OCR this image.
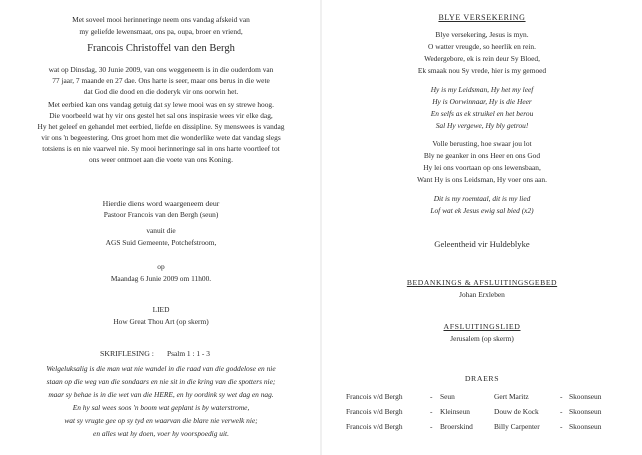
Met soveel mooi herinneringe neem ons vandag afskeid van
my geliefde lewensmaat, ons pa, oupa, broer en vriend,
Francois Christoffel van den Bergh
wat op Dinsdag, 30 Junie 2009, van ons weggeneem is in die ouderdom van
77 jaar, 7 maande en 27 dae. Ons harte is seer, maar ons berus in die wete
dat God die dood en die doderyk vir ons oorwin het.
Met eerbied kan ons vandag getuig dat sy lewe mooi was en sy strewe hoog.
Die voorbeeld wat hy vir ons gestel het sal ons inspirasie wees vir elke dag,
Hy het geleef en gehandel met eerbied, liefde en dissipline. Sy menswees is vandag
vir ons 'n begeestering. Ons groet hom met die wonderlike wete dat vandag slegs
totsiens is en nie vaarwel nie. Sy mooi herinneringe sal in ons harte voortleef tot
ons weer ontmoet aan die voete van ons Koning.
Hierdie diens word waargeneem deur
Pastoor Francois van den Bergh (seun)
vanuit die
AGS Suid Gemeente, Potchefstroom,
op
Maandag 6 Junie 2009 om 11h00.
LIED
How Great Thou Art (op skerm)
SKRIFLESING : Psalm 1 : 1 - 3
Welgeluksalig is die man wat nie wandel in die raad van die goddelose en nie
staan op die weg van die sondaars en nie sit in die kring van die spotters nie;
maar sy behae is in die wet van die HERE, en hy oordink sy wet dag en nag.
En hy sal wees soos 'n boom wat geplant is by waterstrome,
wat sy vrugte gee op sy tyd en waarvan die blare nie verwelk nie;
en alles wat hy doen, voer hy voorspoedig uit.
BLYE VERSEKERING
Blye versekering, Jesus is myn.
O watter vreugde, so heerlik en rein.
Wedergebore, ek is rein deur Sy Bloed,
Ek smaak nou Sy vrede, hier is my gemoed
Hy is my Leidsman, Hy het my leef
Hy is Oorwinnaar, Hy is die Heer
En selfs as ek struikel en het berou
Sal Hy vergewe, Hy bly getrou!
Volle berusting, hoe swaar jou lot
Bly ne geanker in ons Heer en ons God
Hy lei ons voortaan op ons lewensbaan,
Want Hy is ons Leidsman, Hy voer ons aan.
Dit is my roemtaal, dit is my lied
Lof wat ek Jesus ewig sal bied (x2)
Geleentheid vir Huldeblyke
BEDANKINGS & AFSLUITINGSGEBED
Johan Erxleben
AFSLUITINGSLIED
Jerusalem (op skerm)
DRAERS
Francois v/d Bergh	- Seun	Gert Maritz	- Skoonseun
Francois v/d Bergh	- Kleinseun	Douw de Kock	- Skoonseun
Francois v/d Bergh	- Broerskind	Billy Carpenter	- Skoonseun
